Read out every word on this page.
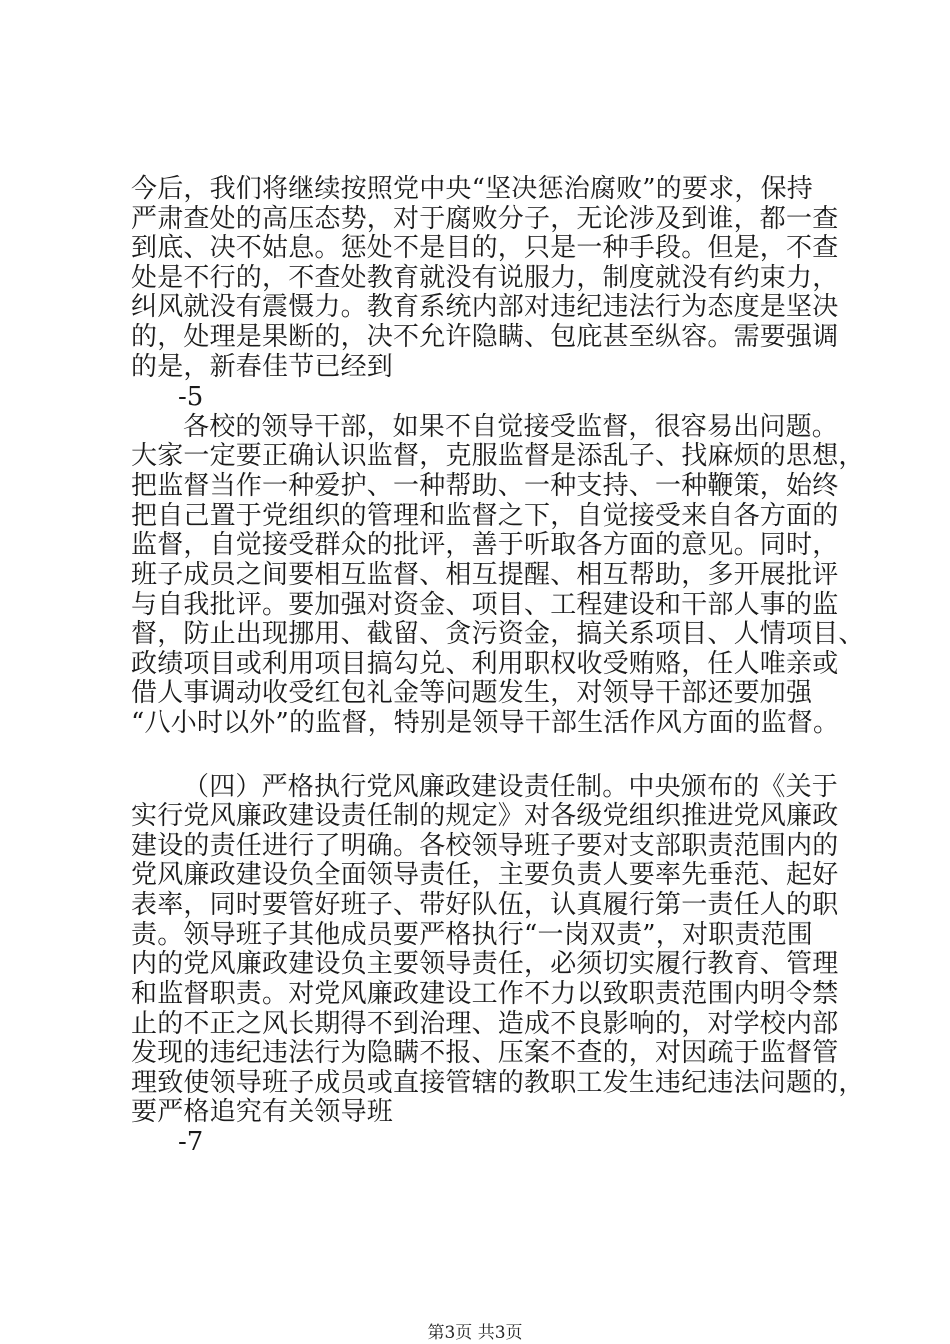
今后，我们将继续按照党中央“坚决惩治腐败”的要求，保持
严肃查处的高压态势，对于腐败分子，无论涉及到谁，都一查
到底、决不姑息。惩处不是目的，只是一种手段。但是，不查
处是不行的，不查处教育就没有说服力，制度就没有约束力，
纠风就没有震慑力。教育系统内部对违纪违法行为态度是坚决
的，处理是果断的，决不允许隐瞒、包庇甚至纵容。需要强调
的是，新春佳节已经到
-5
各校的领导干部，如果不自觉接受监督，很容易出问题。
大家一定要正确认识监督，克服监督是添乱子、找麻烦的思想，
把监督当作一种爱护、一种帮助、一种支持、一种鞭策，始终
把自己置于党组织的管理和监督之下，自觉接受来自各方面的
监督，自觉接受群众的批评，善于听取各方面的意见。同时，
班子成员之间要相互监督、相互提醒、相互帮助，多开展批评
与自我批评。要加强对资金、项目、工程建设和干部人事的监
督，防止出现挪用、截留、贪污资金，搞关系项目、人情项目、
政绩项目或利用项目搞勾兑、利用职权收受贿赂，任人唯亲或
借人事调动收受红包礼金等问题发生，对领导干部还要加强
“八小时以外”的监督，特别是领导干部生活作风方面的监督。
（四）严格执行党风廉政建设责任制。中央颁布的《关于
实行党风廉政建设责任制的规定》对各级党组织推进党风廉政
建设的责任进行了明确。各校领导班子要对支部职责范围内的
党风廉政建设负全面领导责任，主要负责人要率先垂范、起好
表率，同时要管好班子、带好队伍，认真履行第一责任人的职
责。领导班子其他成员要严格执行“一岗双责”，对职责范围
内的党风廉政建设负主要领导责任，必须切实履行教育、管理
和监督职责。对党风廉政建设工作不力以致职责范围内明令禁
止的不正之风长期得不到治理、造成不良影响的，对学校内部
发现的违纪违法行为隐瞒不报、压案不查的，对因疏于监督管
理致使领导班子成员或直接管辖的教职工发生违纪违法问题的，
要严格追究有关领导班
-7
第3页 共3页
